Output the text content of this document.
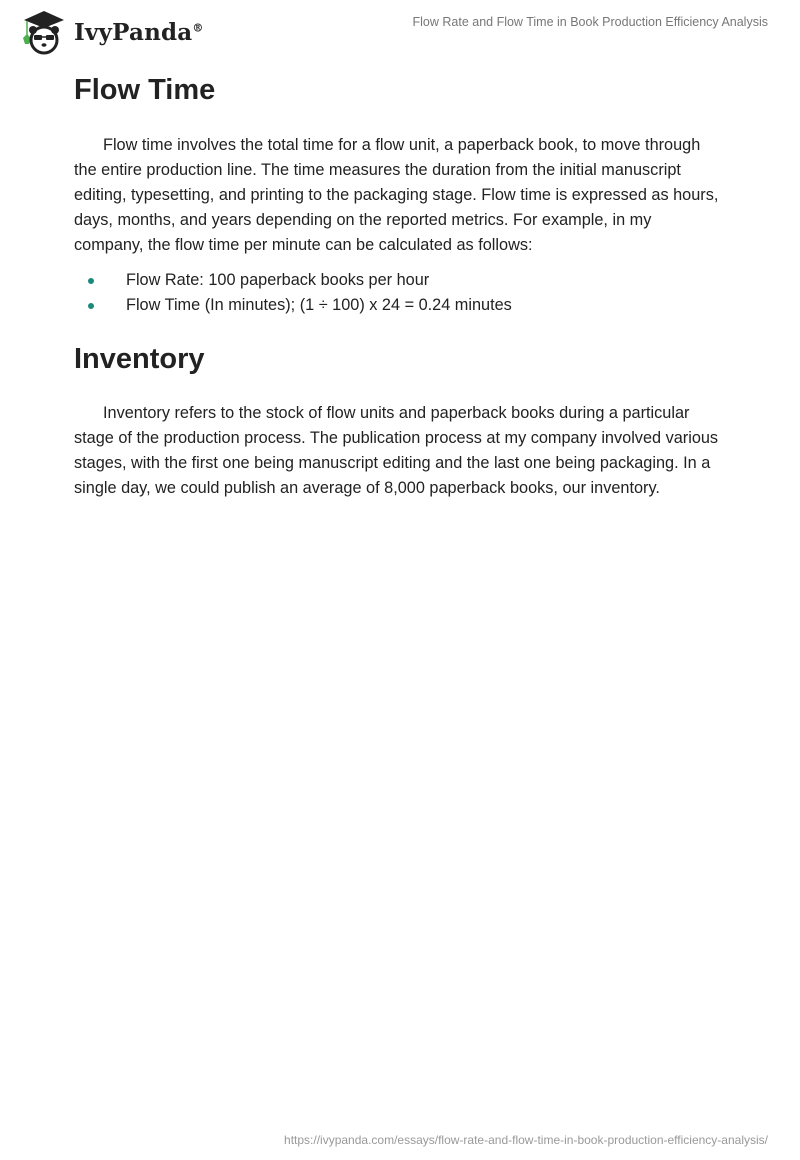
IvyPanda®	Flow Rate and Flow Time in Book Production Efficiency Analysis
Flow Time

Flow time involves the total time for a flow unit, a paperback book, to move through the entire production line. The time measures the duration from the initial manuscript editing, typesetting, and printing to the packaging stage. Flow time is expressed as hours, days, months, and years depending on the reported metrics. For example, in my company, the flow time per minute can be calculated as follows:

Flow Rate: 100 paperback books per hour
Flow Time (In minutes); (1 ÷ 100) x 24 = 0.24 minutes
Inventory

Inventory refers to the stock of flow units and paperback books during a particular stage of the production process. The publication process at my company involved various stages, with the first one being manuscript editing and the last one being packaging. In a single day, we could publish an average of 8,000 paperback books, our inventory.

https://ivypanda.com/essays/flow-rate-and-flow-time-in-book-production-efficiency-analysis/
